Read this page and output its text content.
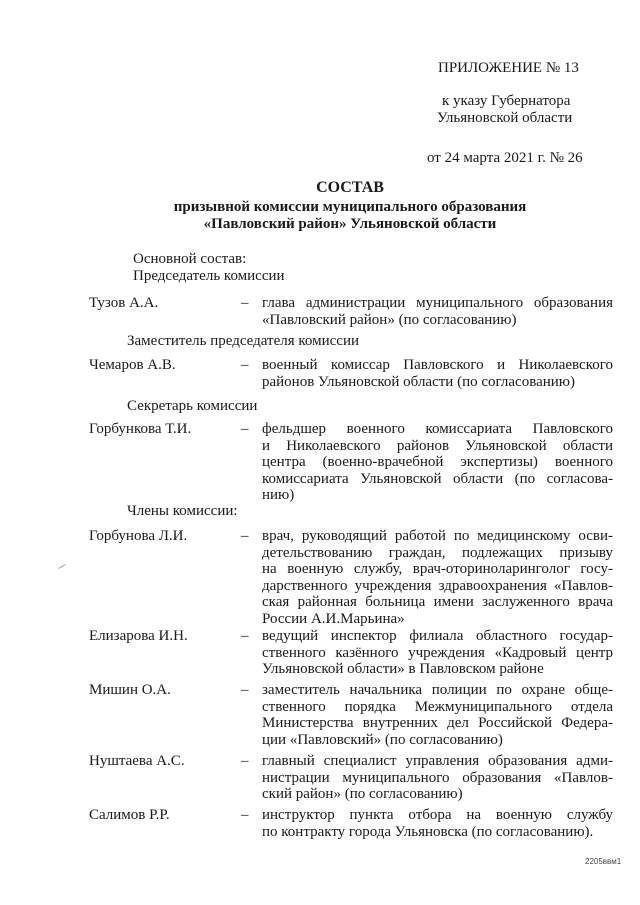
ПРИЛОЖЕНИЕ № 13
к указу Губернатора
Ульяновской области
от 24 марта 2021 г. № 26
СОСТАВ
призывной комиссии муниципального образования
«Павловский район» Ульяновской области
Основной состав:
Председатель комиссии
Тузов А.А.	– глава администрации муниципального образования
«Павловский район» (по согласованию)
Заместитель председателя комиссии
Чемаров А.В.	– военный комиссар Павловского и Николаевского
районов Ульяновской области (по согласованию)
Секретарь комиссии
Горбункова Т.И.	– фельдшер военного комиссариата Павловского
и Николаевского районов Ульяновской области
центра (военно-врачебной экспертизы) военного
комиссариата Ульяновской области (по согласова-
нию)
Члены комиссии:
Горбунова Л.И.	– врач, руководящий работой по медицинскому осви-
детельствованию граждан, подлежащих призыву
на военную службу, врач-оториноларинголог госу-
дарственного учреждения здравоохранения «Павлов-
ская районная больница имени заслуженного врача
России А.И.Марьина»
Елизарова И.Н.	– ведущий инспектор филиала областного государ-
ственного казённого учреждения «Кадровый центр
Ульяновской области» в Павловском районе
Мишин О.А.	– заместитель начальника полиции по охране обще-
ственного порядка Межмуниципального отдела
Министерства внутренних дел Российской Федера-
ции «Павловский» (по согласованию)
Нуштаева А.С.	– главный специалист управления образования адми-
нистрации муниципального образования «Павлов-
ский район» (по согласованию)
Салимов Р.Р.	– инструктор пункта отбора на военную службу
по контракту города Ульяновска (по согласованию).
2205ввм1
